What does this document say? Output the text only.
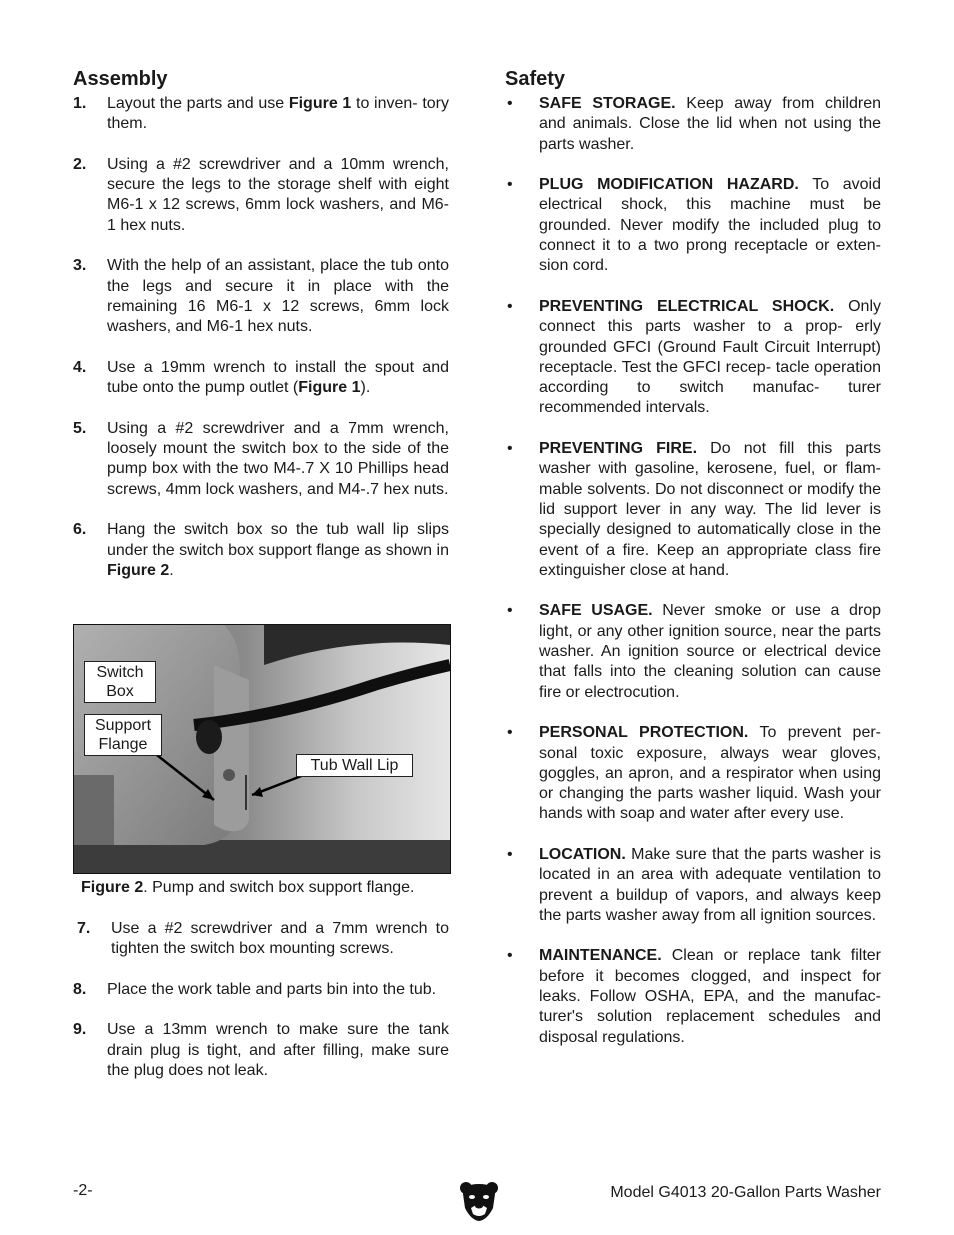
Assembly
1.	Layout the parts and use Figure 1 to inven- tory them.
2.	Using a #2 screwdriver and a 10mm wrench, secure the legs to the storage shelf with eight M6-1 x 12 screws, 6mm lock washers, and M6-1 hex nuts.
3.	With the help of an assistant, place the tub onto the legs and secure it in place with the remaining 16 M6-1 x 12 screws, 6mm lock washers, and M6-1 hex nuts.
4.	Use a 19mm wrench to install the spout and tube onto the pump outlet (Figure 1).
5.	Using a #2 screwdriver and a 7mm wrench, loosely mount the switch box to the side of the pump box with the two M4-.7 X 10 Phillips head screws, 4mm lock washers, and M4-.7 hex nuts.
6.	Hang the switch box so the tub wall lip slips under the switch box support flange as shown in Figure 2.
Switch
Box
Support
Flange
Tub Wall Lip
Figure 2. Pump and switch box support flange.
7.	Use a #2 screwdriver and a 7mm wrench to tighten the switch box mounting screws.
8.	Place the work table and parts bin into the tub.
9.	Use a 13mm wrench to make sure the tank drain plug is tight, and after filling, make sure the plug does not leak.
Safety
•	SAFE STORAGE. Keep away from children and animals. Close the lid when not using the parts washer.
•	PLUG MODIFICATION HAZARD. To avoid electrical shock, this machine must be grounded. Never modify the included plug to connect it to a two prong receptacle or exten- sion cord.
•	PREVENTING ELECTRICAL SHOCK. Only connect this parts washer to a prop- erly grounded GFCI (Ground Fault Circuit Interrupt) receptacle. Test the GFCI recep- tacle operation according to switch manufac- turer recommended intervals.
•	PREVENTING FIRE. Do not fill this parts washer with gasoline, kerosene, fuel, or flam- mable solvents. Do not disconnect or modify the lid support lever in any way. The lid lever is specially designed to automatically close in the event of a fire. Keep an appropriate class fire extinguisher close at hand.
•	SAFE USAGE. Never smoke or use a drop light, or any other ignition source, near the parts washer. An ignition source or electrical device that falls into the cleaning solution can cause fire or electrocution.
•	PERSONAL PROTECTION. To prevent per- sonal toxic exposure, always wear gloves, goggles, an apron, and a respirator when using or changing the parts washer liquid. Wash your hands with soap and water after every use.
•	LOCATION. Make sure that the parts washer is located in an area with adequate ventilation to prevent a buildup of vapors, and always keep the parts washer away from all ignition sources.
•	MAINTENANCE. Clean or replace tank filter before it becomes clogged, and inspect for leaks. Follow OSHA, EPA, and the manufac- turer's solution replacement schedules and disposal regulations.
-2-	Model G4013 20-Gallon Parts Washer
